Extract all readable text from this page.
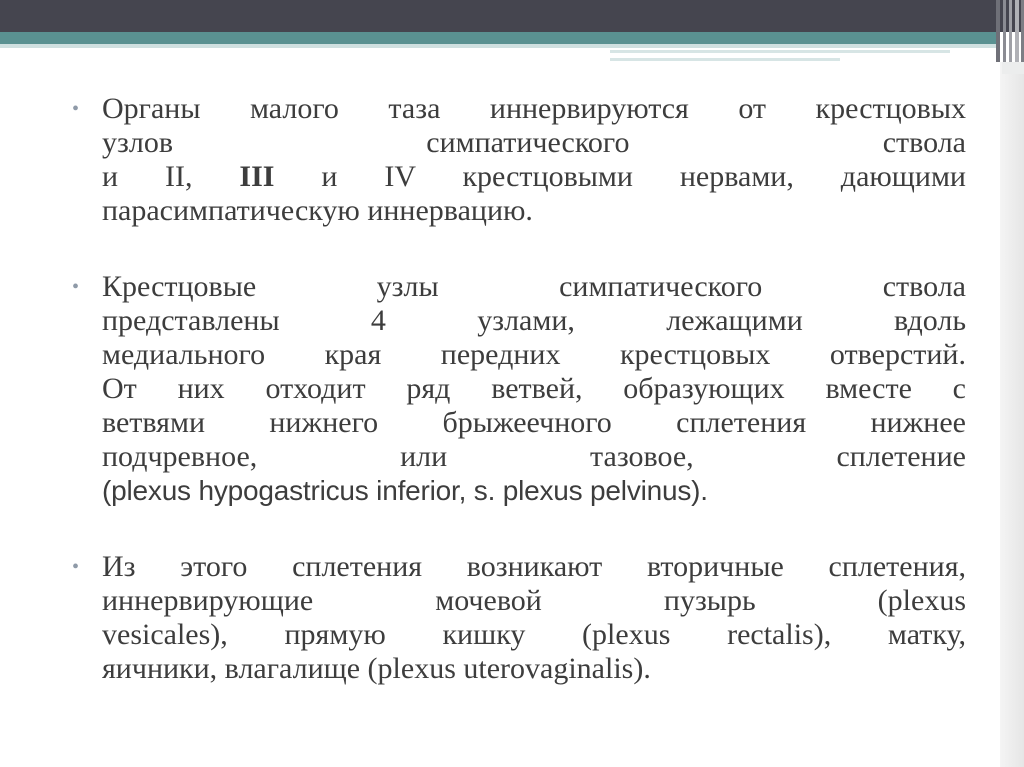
• Органы малого таза иннервируются от крестцовых
узлов симпатического ствола
и II, III и IV крестцовыми нервами, дающими
парасимпатическую иннервацию.

• Крестцовые узлы симпатического ствола
представлены 4 узлами, лежащими вдоль
медиального края передних крестцовых отверстий.
От них отходит ряд ветвей, образующих вместе с
ветвями нижнего брыжеечного сплетения нижнее
подчревное, или тазовое, сплетение
(plexus hypogastricus inferior, s. plexus pelvinus).

• Из этого сплетения возникают вторичные сплетения,
иннервирующие мочевой пузырь (plexus
vesicales), прямую кишку (plexus rectalis), матку,
яичники, влагалище (plexus uterovaginalis).
